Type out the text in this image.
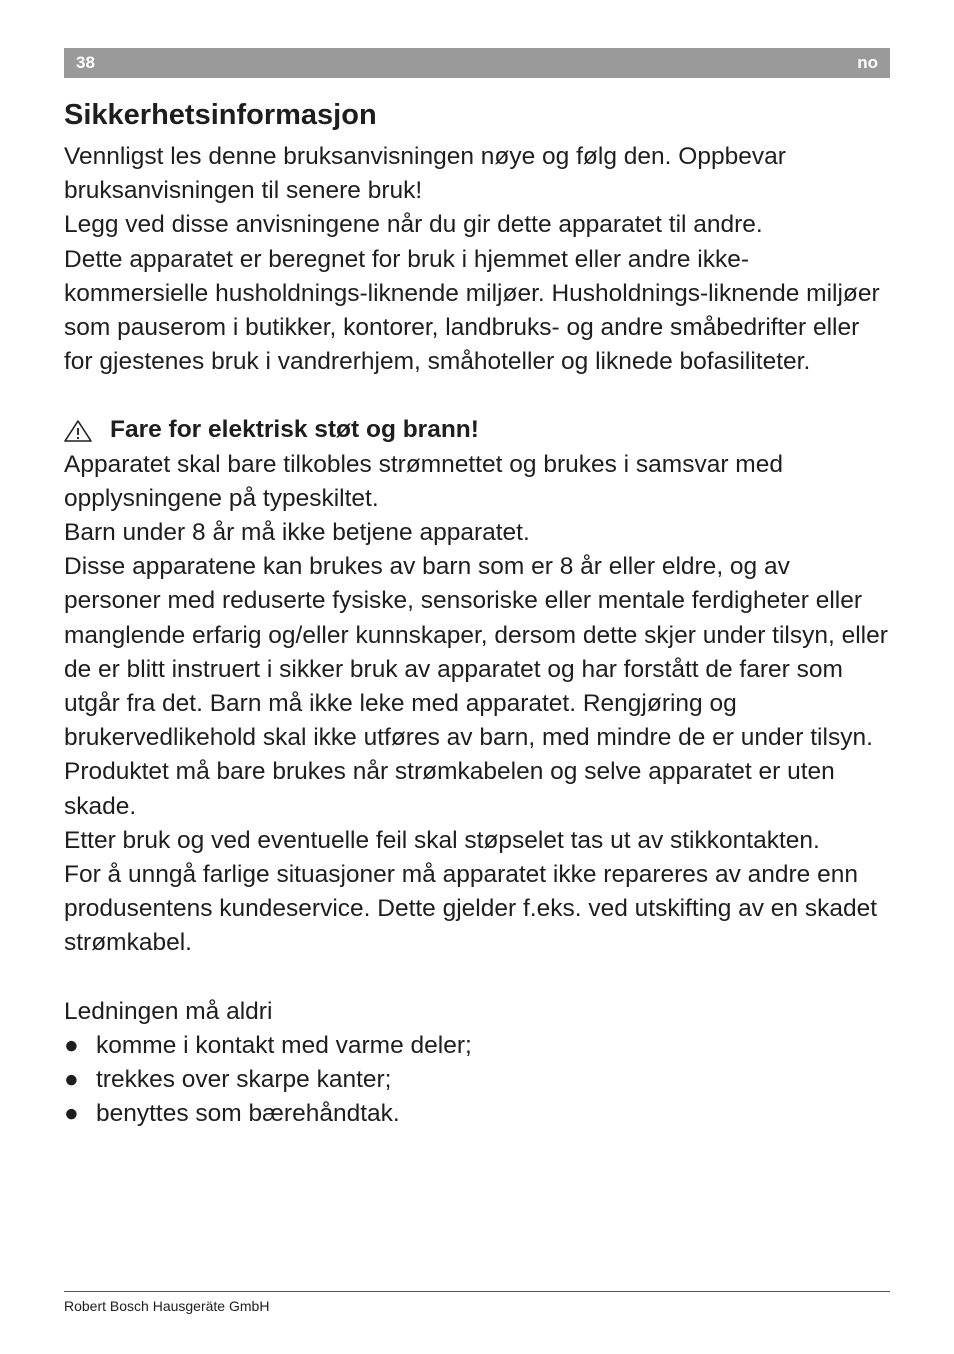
38	no
Sikkerhetsinformasjon

Vennligst les denne bruksanvisningen nøye og følg den. Oppbevar bruksanvisningen til senere bruk!

Legg ved disse anvisningene når du gir dette apparatet til andre.

Dette apparatet er beregnet for bruk i hjemmet eller andre ikke-kommersielle husholdnings-liknende miljøer. Husholdnings-liknende miljøer som pauserom i butikker, kontorer, landbruks- og andre småbedrifter eller for gjestenes bruk i vandrerhjem, småhoteller og liknede bofasiliteter.

Fare for elektrisk støt og brann!

Apparatet skal bare tilkobles strømnettet og brukes i samsvar med opplysningene på typeskiltet.

Barn under 8 år må ikke betjene apparatet.

Disse apparatene kan brukes av barn som er 8 år eller eldre, og av personer med reduserte fysiske, sensoriske eller mentale ferdigheter eller manglende erfarig og/eller kunnskaper, dersom dette skjer under tilsyn, eller de er blitt instruert i sikker bruk av apparatet og har forstått de farer som utgår fra det. Barn må ikke leke med apparatet. Rengjøring og brukervedlikehold skal ikke utføres av barn, med mindre de er under tilsyn.

Produktet må bare brukes når strømkabelen og selve apparatet er uten skade.

Etter bruk og ved eventuelle feil skal støpselet tas ut av stikkontakten.

For å unngå farlige situasjoner må apparatet ikke repareres av andre enn produsentens kundeservice. Dette gjelder f.eks. ved utskifting av en skadet strømkabel.

Ledningen må aldri

● komme i kontakt med varme deler;
● trekkes over skarpe kanter;
● benyttes som bærehåndtak.
Robert Bosch Hausgeräte GmbH
